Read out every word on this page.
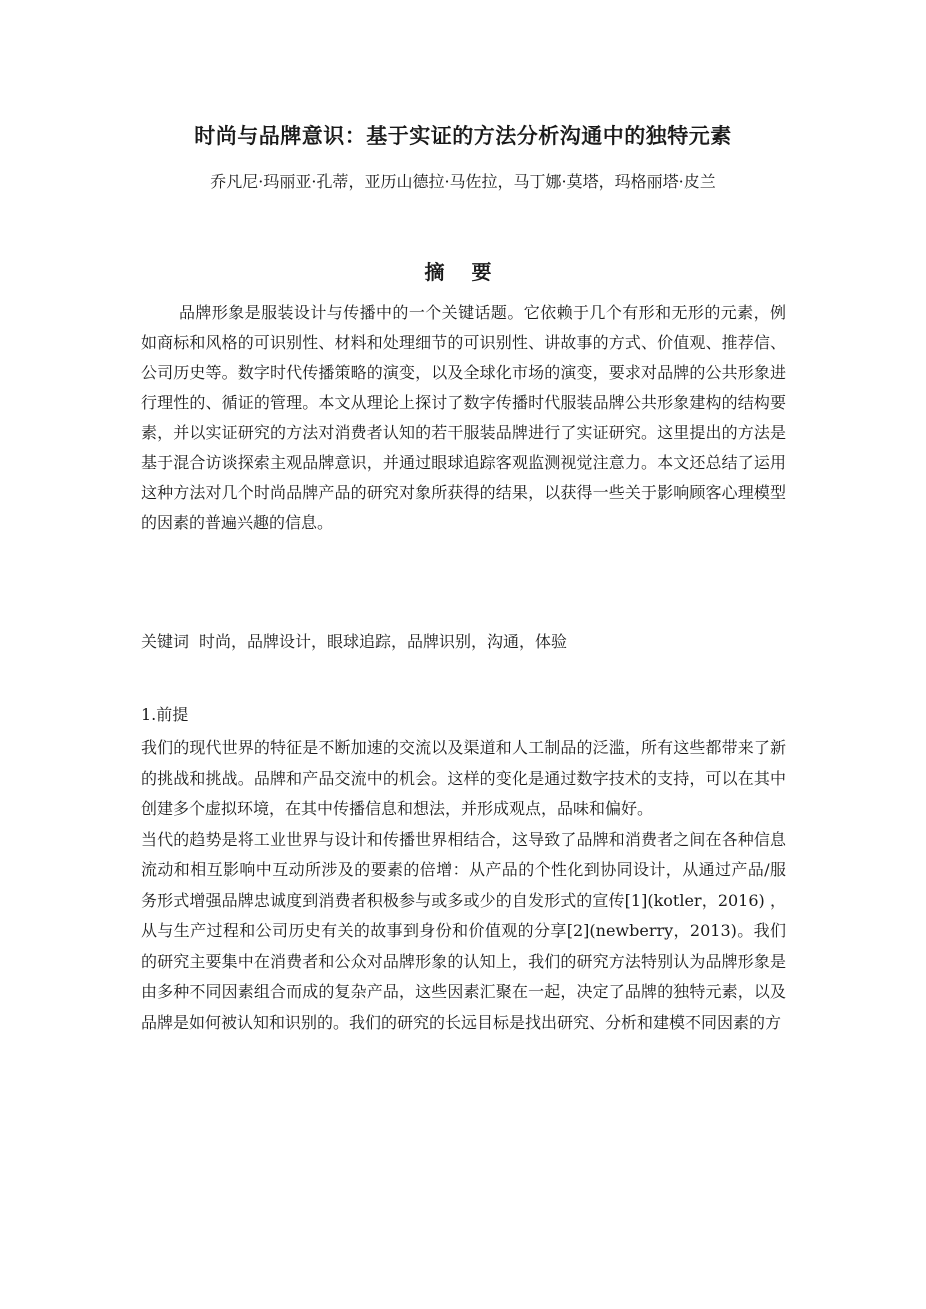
时尚与品牌意识：基于实证的方法分析沟通中的独特元素
乔凡尼·玛丽亚·孔蒂，亚历山德拉·马佐拉，马丁娜·莫塔，玛格丽塔·皮兰
摘 要

品牌形象是服装设计与传播中的一个关键话题。它依赖于几个有形和无形的元素，例如商标和风格的可识别性、材料和处理细节的可识别性、讲故事的方式、价值观、推荐信、公司历史等。数字时代传播策略的演变，以及全球化市场的演变，要求对品牌的公共形象进行理性的、循证的管理。本文从理论上探讨了数字传播时代服装品牌公共形象建构的结构要素，并以实证研究的方法对消费者认知的若干服装品牌进行了实证研究。这里提出的方法是基于混合访谈探索主观品牌意识，并通过眼球追踪客观监测视觉注意力。本文还总结了运用这种方法对几个时尚品牌产品的研究对象所获得的结果，以获得一些关于影响顾客心理模型的因素的普遍兴趣的信息。

关键词 时尚，品牌设计，眼球追踪，品牌识别，沟通，体验
1.前提

我们的现代世界的特征是不断加速的交流以及渠道和人工制品的泛滥，所有这些都带来了新的挑战和挑战。品牌和产品交流中的机会。这样的变化是通过数字技术的支持，可以在其中创建多个虚拟环境，在其中传播信息和想法，并形成观点，品味和偏好。

当代的趋势是将工业世界与设计和传播世界相结合，这导致了品牌和消费者之间在各种信息流动和相互影响中互动所涉及的要素的倍增：从产品的个性化到协同设计，从通过产品/服务形式增强品牌忠诚度到消费者积极参与或多或少的自发形式的宣传[1](kotler，2016) ，从与生产过程和公司历史有关的故事到身份和价值观的分享[2](newberry，2013)。我们的研究主要集中在消费者和公众对品牌形象的认知上，我们的研究方法特别认为品牌形象是由多种不同因素组合而成的复杂产品，这些因素汇聚在一起，决定了品牌的独特元素，以及品牌是如何被认知和识别的。我们的研究的长远目标是找出研究、分析和建模不同因素的方
